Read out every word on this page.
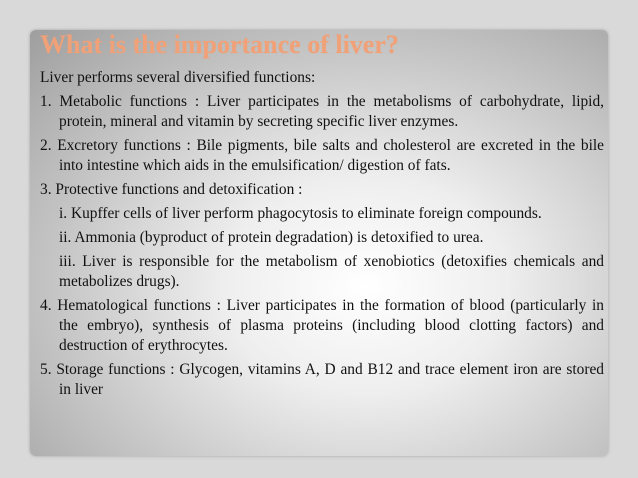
What is the importance of liver?

Liver performs several diversified functions:

1. Metabolic functions : Liver participates in the metabolisms of carbohydrate, lipid, protein, mineral and vitamin by secreting specific liver enzymes.

2. Excretory functions : Bile pigments, bile salts and cholesterol are excreted in the bile into intestine which aids in the emulsification/ digestion of fats.

3. Protective functions and detoxification :

i. Kupffer cells of liver perform phagocytosis to eliminate foreign compounds.

ii. Ammonia (byproduct of protein degradation) is detoxified to urea.

iii. Liver is responsible for the metabolism of xenobiotics (detoxifies chemicals and metabolizes drugs).

4. Hematological functions : Liver participates in the formation of blood (particularly in the embryo), synthesis of plasma proteins (including blood clotting factors) and destruction of erythrocytes.

5. Storage functions : Glycogen, vitamins A, D and B12 and trace element iron are stored in liver
